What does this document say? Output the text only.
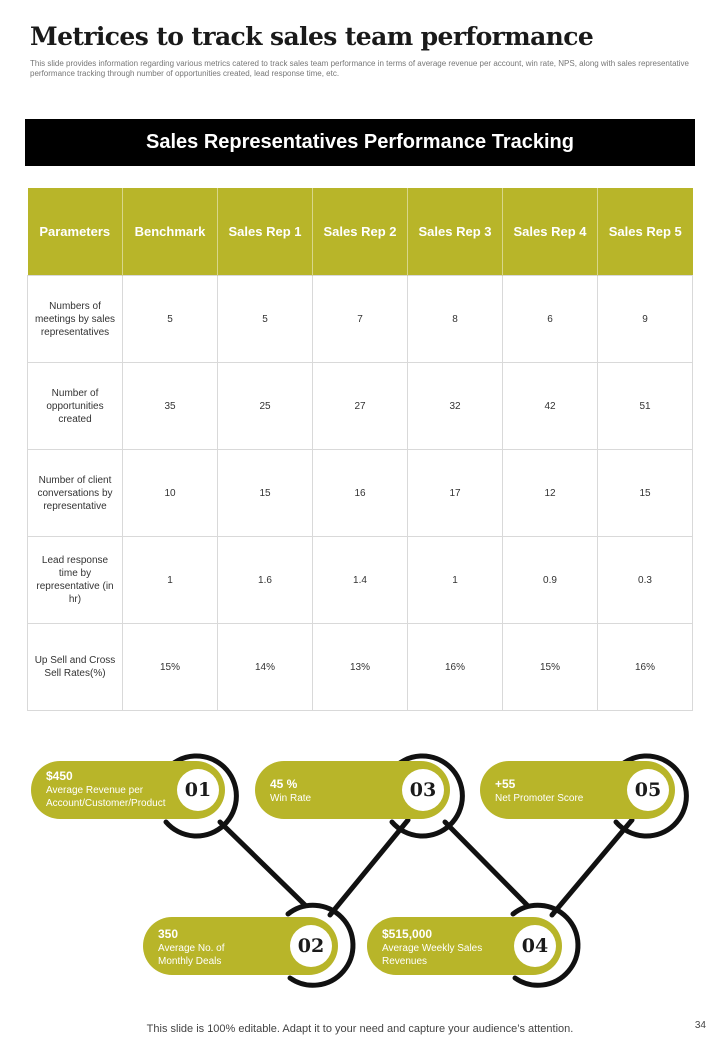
Metrices to track sales team performance
This slide provides information regarding various metrics catered to track sales team performance in terms of average revenue per account, win rate, NPS, along with sales representative performance tracking through number of opportunities created, lead response time, etc.
Sales Representatives Performance Tracking
Parameters	Benchmark	Sales Rep 1	Sales Rep 2	Sales Rep 3	Sales Rep 4	Sales Rep 5
Numbers of meetings by sales representatives	5	5	7	8	6	9
Number of opportunities created	35	25	27	32	42	51
Number of client conversations by representative	10	15	16	17	12	15
Lead response time by representative (in hr)	1	1.6	1.4	1	0.9	0.3
Up Sell and Cross Sell Rates(%)	15%	14%	13%	16%	15%	16%
$450
Average Revenue per
Account/Customer/Product
01	45 %
Win Rate	03	+55
Net Promoter Score	05
350
Average No. of
Monthly Deals
02
$515,000
Average Weekly Sales
Revenues
04
This slide is 100% editable. Adapt it to your need and capture your audience’s attention.	34
